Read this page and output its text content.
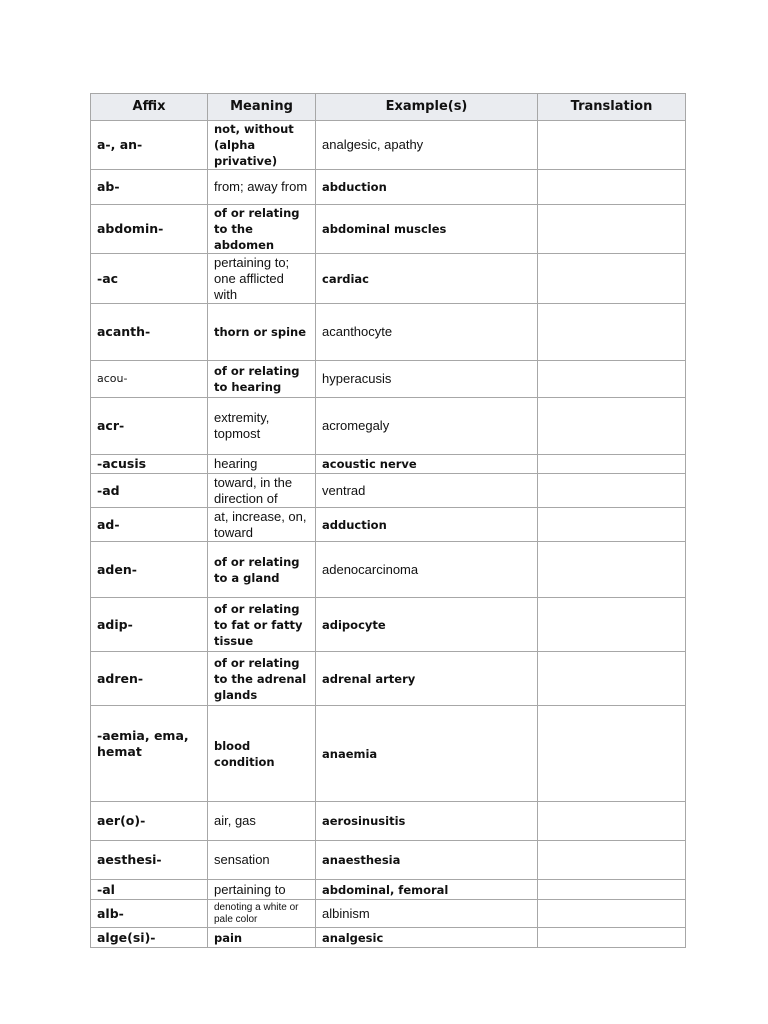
Affix	Meaning	Example(s)	Translation
a-, an-	not, without (alpha privative)	analgesic, apathy	
ab-	from; away from	abduction	
abdomin-	of or relating to the abdomen	abdominal muscles	
-ac	pertaining to; one afflicted with	cardiac	
acanth-	thorn or spine	acanthocyte	
acou-	of or relating to hearing	hyperacusis	
acr-	extremity, topmost	acromegaly	
-acusis	hearing	acoustic nerve	
-ad	toward, in the direction of	ventrad	
ad-	at, increase, on, toward	adduction	
aden-	of or relating to a gland	adenocarcinoma	
adip-	of or relating to fat or fatty tissue	adipocyte	
adren-	of or relating to the adrenal glands	adrenal artery	
-aemia, ema, hemat	blood condition	anaemia	
aer(o)-	air, gas	aerosinusitis	
aesthesi-	sensation	anaesthesia	
-al	pertaining to	abdominal, femoral	
alb-	denoting a white or pale color	albinism	
alge(si)-	pain	analgesic	
